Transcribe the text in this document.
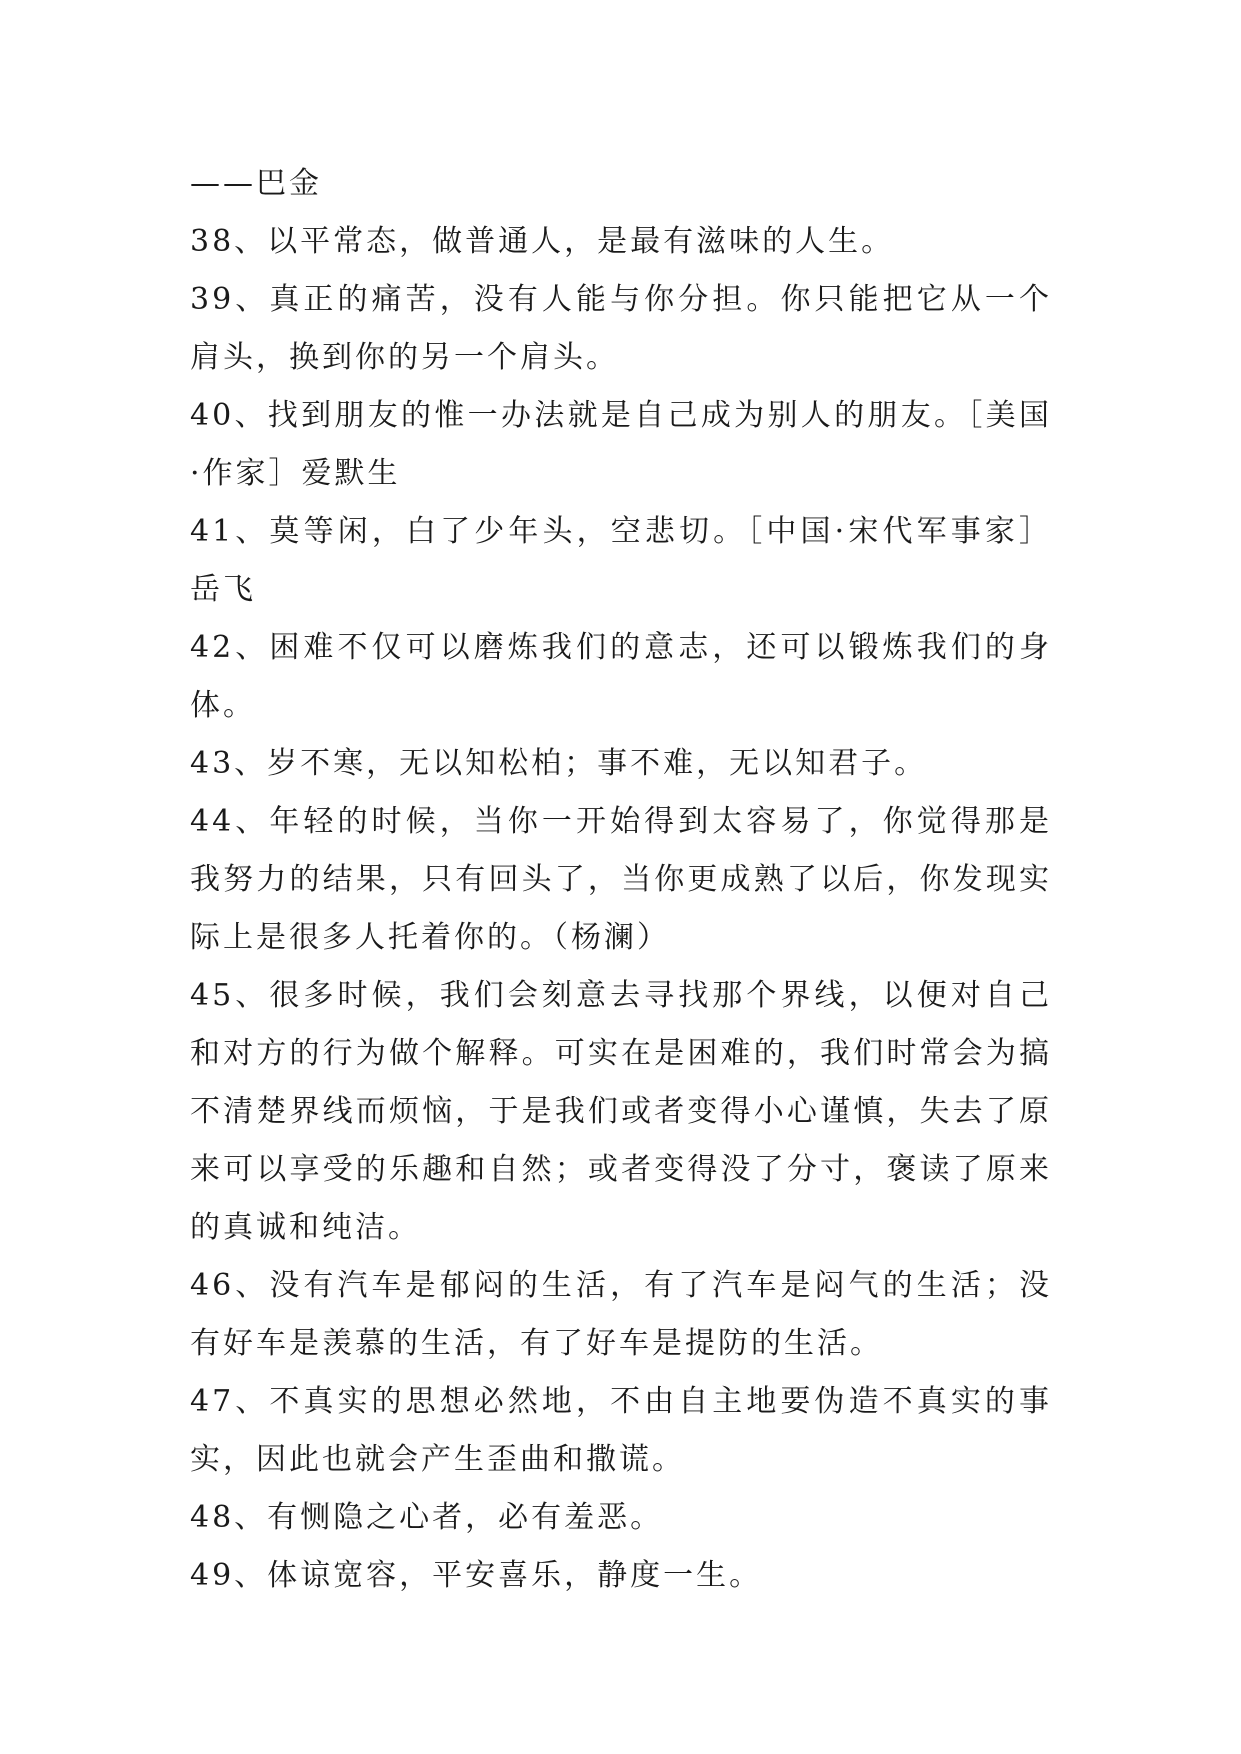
——巴金

38、以平常态，做普通人，是最有滋味的人生。

39、真正的痛苦，没有人能与你分担。你只能把它从一个肩头，换到你的另一个肩头。

40、找到朋友的惟一办法就是自己成为别人的朋友。［美国·作家］爱默生

41、莫等闲，白了少年头，空悲切。［中国·宋代军事家］岳飞

42、困难不仅可以磨炼我们的意志，还可以锻炼我们的身体。

43、岁不寒，无以知松柏；事不难，无以知君子。

44、年轻的时候，当你一开始得到太容易了，你觉得那是我努力的结果，只有回头了，当你更成熟了以后，你发现实际上是很多人托着你的。（杨澜）

45、很多时候，我们会刻意去寻找那个界线，以便对自己和对方的行为做个解释。可实在是困难的，我们时常会为搞不清楚界线而烦恼，于是我们或者变得小心谨慎，失去了原来可以享受的乐趣和自然；或者变得没了分寸，褒读了原来的真诚和纯洁。

46、没有汽车是郁闷的生活，有了汽车是闷气的生活；没有好车是羡慕的生活，有了好车是提防的生活。

47、不真实的思想必然地，不由自主地要伪造不真实的事实，因此也就会产生歪曲和撒谎。

48、有恻隐之心者，必有羞恶。

49、体谅宽容，平安喜乐，静度一生。
